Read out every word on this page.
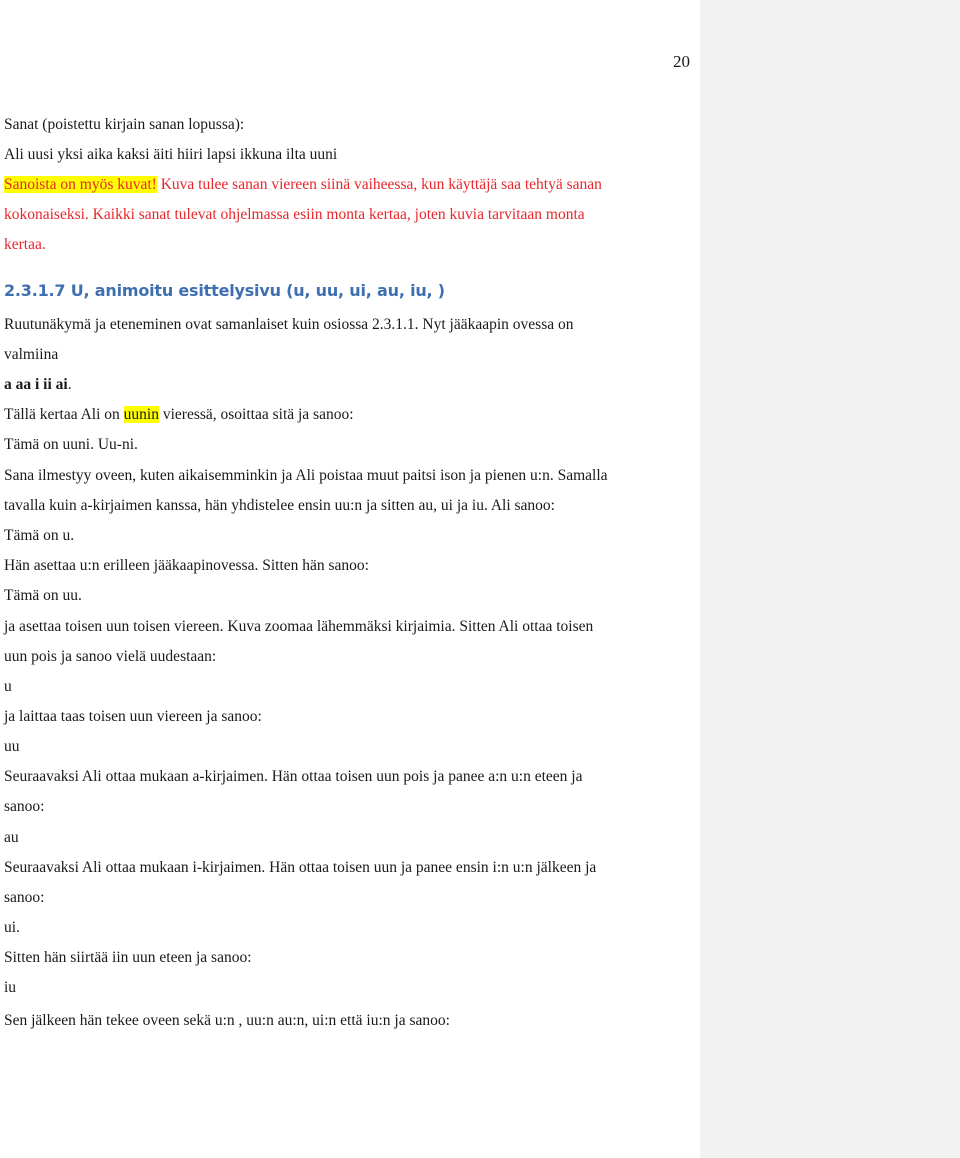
20
Sanat (poistettu kirjain sanan lopussa):
Ali uusi yksi aika kaksi äiti hiiri lapsi ikkuna ilta uuni
Sanoista on myös kuvat! Kuva tulee sanan viereen siinä vaiheessa, kun käyttäjä saa tehtyä sanan
kokonaiseksi. Kaikki sanat tulevat ohjelmassa esiin monta kertaa, joten kuvia tarvitaan monta
kertaa.
2.3.1.7 U, animoitu esittelysivu (u, uu, ui, au, iu, )
Ruutunäkymä ja eteneminen ovat samanlaiset kuin osiossa 2.3.1.1. Nyt jääkaapin ovessa on
valmiina
a aa i ii ai.
Tällä kertaa Ali on uunin vieressä, osoittaa sitä ja sanoo:
Tämä on uuni. Uu-ni.
Sana ilmestyy oveen, kuten aikaisemminkin ja Ali poistaa muut paitsi ison ja pienen u:n. Samalla
tavalla kuin a-kirjaimen kanssa, hän yhdistelee ensin uu:n ja sitten au, ui ja iu. Ali sanoo:
Tämä on u.
Hän asettaa u:n erilleen jääkaapinovessa. Sitten hän sanoo:
Tämä on uu.
ja asettaa toisen uun toisen viereen. Kuva zoomaa lähemmäksi kirjaimia. Sitten Ali ottaa toisen
uun pois ja sanoo vielä uudestaan:
u
ja laittaa taas toisen uun viereen ja sanoo:
uu
Seuraavaksi Ali ottaa mukaan a-kirjaimen. Hän ottaa toisen uun pois ja panee a:n u:n eteen ja
sanoo:
au
Seuraavaksi Ali ottaa mukaan i-kirjaimen. Hän ottaa toisen uun ja panee ensin i:n u:n jälkeen ja
sanoo:
ui.
Sitten hän siirtää iin uun eteen ja sanoo:
iu
Sen jälkeen hän tekee oveen sekä u:n , uu:n au:n, ui:n että iu:n ja sanoo:
